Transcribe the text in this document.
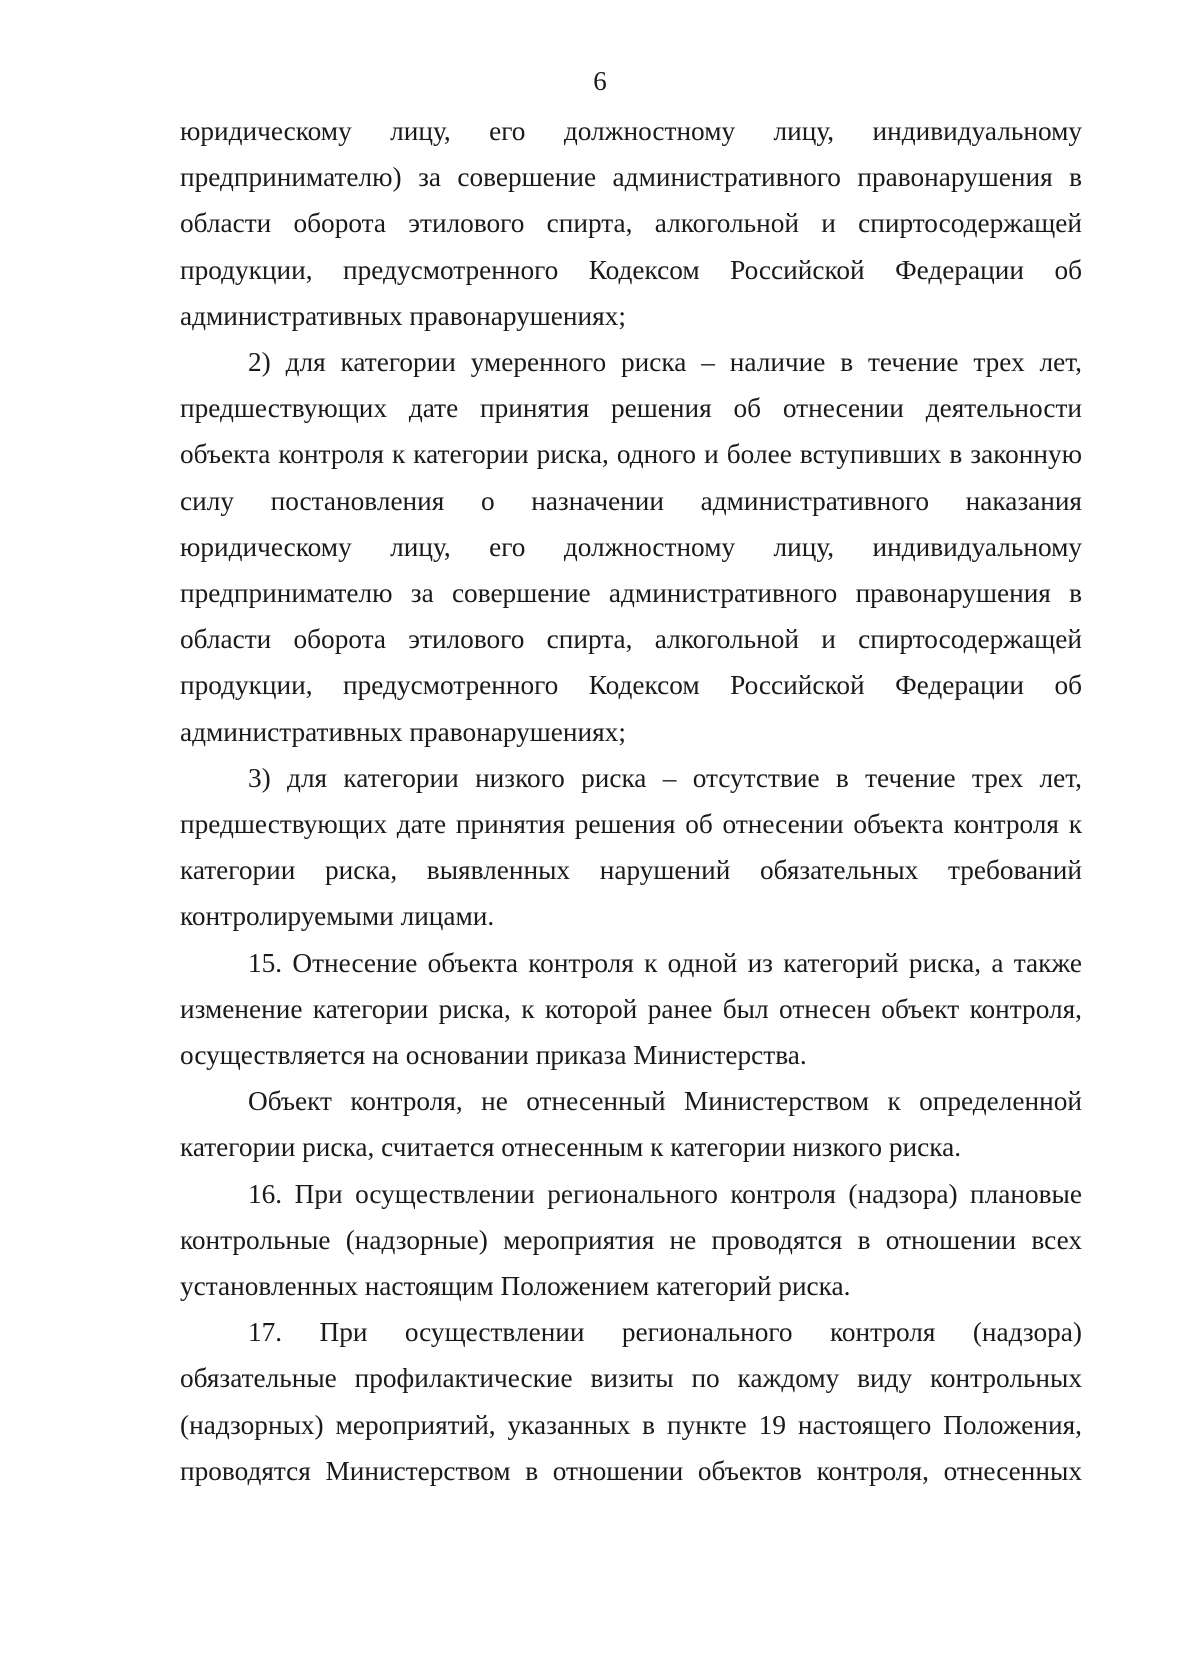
6

юридическому лицу, его должностному лицу, индивидуальному предпринимателю) за совершение административного правонарушения в области оборота этилового спирта, алкогольной и спиртосодержащей продукции, предусмотренного Кодексом Российской Федерации об административных правонарушениях;

2) для категории умеренного риска – наличие в течение трех лет, предшествующих дате принятия решения об отнесении деятельности объекта контроля к категории риска, одного и более вступивших в законную силу постановления о назначении административного наказания юридическому лицу, его должностному лицу, индивидуальному предпринимателю за совершение административного правонарушения в области оборота этилового спирта, алкогольной и спиртосодержащей продукции, предусмотренного Кодексом Российской Федерации об административных правонарушениях;

3) для категории низкого риска – отсутствие в течение трех лет, предшествующих дате принятия решения об отнесении объекта контроля к категории риска, выявленных нарушений обязательных требований контролируемыми лицами.

15. Отнесение объекта контроля к одной из категорий риска, а также изменение категории риска, к которой ранее был отнесен объект контроля, осуществляется на основании приказа Министерства.

Объект контроля, не отнесенный Министерством к определенной категории риска, считается отнесенным к категории низкого риска.

16. При осуществлении регионального контроля (надзора) плановые контрольные (надзорные) мероприятия не проводятся в отношении всех установленных настоящим Положением категорий риска.

17. При осуществлении регионального контроля (надзора) обязательные профилактические визиты по каждому виду контрольных (надзорных) мероприятий, указанных в пункте 19 настоящего Положения, проводятся Министерством в отношении объектов контроля, отнесенных
